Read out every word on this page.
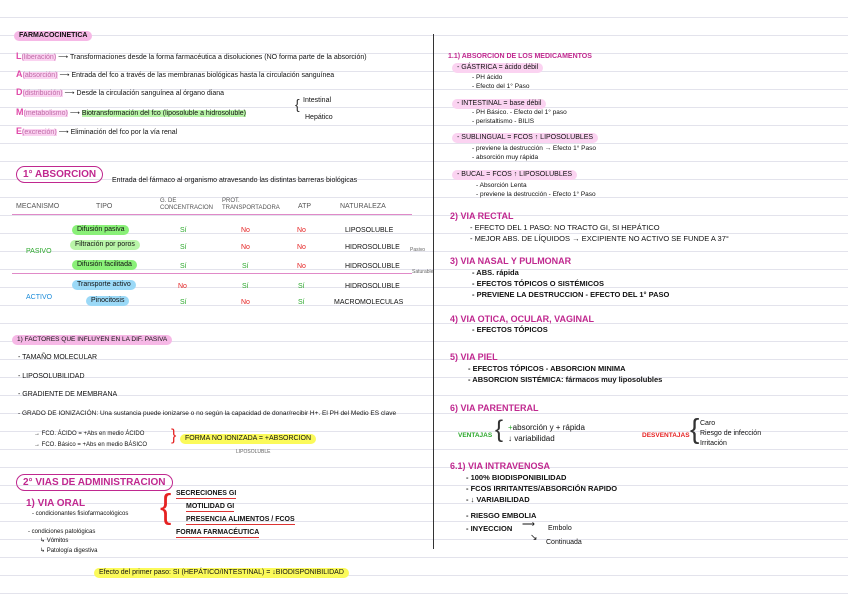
FARMACOCINETICA
L(liberación) ⟶ Transformaciones desde la forma farmacéutica a disoluciones (NO forma parte de la absorción)
A(absorción) ⟶ Entrada del fco a través de las membranas biológicas hasta la circulación sanguínea
D(distribución) ⟶ Desde la circulación sanguínea al órgano diana
M(metabolismo) ⟶ Biotransformación del fco (liposoluble a hidrosoluble)
{ Intestinal
Hepático
E(excreción) ⟶ Eliminación del fco por la vía renal
1° ABSORCION
Entrada del fármaco al organismo atravesando las distintas barreras biológicas
MECANISMO	TIPO
G. DE CONCENTRACION
PROT. TRANSPORTADORA	ATP	NATURALEZA
PASIVO
ACTIVO
Difusión pasiva	Sí	No	No	LIPOSOLUBLE
Filtración por poros	Sí	No	No	HIDROSOLUBLE
Difusión facilitada	Sí	Sí	No	HIDROSOLUBLE
Transporte activo	No	Sí	Sí	HIDROSOLUBLE
Pinocitosis	Sí	No	Sí	MACROMOLECULAS
Pasivo
Saturable
1) FACTORES QUE INFLUYEN EN LA DIF. PASIVA
- TAMAÑO MOLECULAR
- LIPOSOLUBILIDAD
- GRADIENTE DE MEMBRANA
- GRADO DE IONIZACIÓN: Una sustancia puede ionizarse o no según la capacidad de donar/recibir H+. El PH del Medio ES clave
→ FCO. ÁCIDO = +Abs en medio ÁCIDO
→ FCO. Básico = +Abs en medio BÁSICO
}	FORMA NO IONIZADA = +ABSORCION
LIPOSOLUBLE
2° VIAS DE ADMINISTRACION
1) VIA ORAL
- condicionantes fisiofarmacológicos
- condiciones patológicas
↳ Vómitos
↳ Patología digestiva
{ SECRECIONES GI
MOTILIDAD GI
PRESENCIA ALIMENTOS / FCOS
FORMA FARMACÉUTICA
Efecto del primer paso: SI (HEPÁTICO/INTESTINAL) = ↓BIODISPONIBILIDAD
1.1) ABSORCION DE LOS MEDICAMENTOS
- GÁSTRICA = ácido débil
- PH ácido
- Efecto del 1° Paso
- INTESTINAL = base débil
- PH Básico. - Efecto del 1° paso
- peristaltismo - BILIS
- SUBLINGUAL = FCOS ↑ LIPOSOLUBLES
- previene la destrucción → Efecto 1° Paso
- absorción muy rápida
- BUCAL = FCOS ↑ LIPOSOLUBLES
- Absorción Lenta
- previene la destrucción - Efecto 1° Paso
2) VIA RECTAL
- EFECTO DEL 1 PASO: NO TRACTO GI, SI HEPÁTICO
- MEJOR ABS. DE LÍQUIDOS → EXCIPIENTE NO ACTIVO SE FUNDE A 37°
3) VIA NASAL Y PULMONAR
- ABS. rápida
- EFECTOS TÓPICOS O SISTÉMICOS
- PREVIENE LA DESTRUCCION - EFECTO DEL 1° PASO
4) VIA OTICA, OCULAR, VAGINAL
- EFECTOS TÓPICOS
5) VIA PIEL
- EFECTOS TÓPICOS - ABSORCION MINIMA
- ABSORCION SISTÉMICA: fármacos muy liposolubles
6) VIA PARENTERAL
VENTAJAS { +absorción y + rápida
↓ variabilidad	DESVENTAJAS { Caro
Riesgo de infección
Irritación
6.1) VIA INTRAVENOSA
- 100% BIODISPONIBILIDAD
- FCOS IRRITANTES/ABSORCIÓN RAPIDO
- ↓ VARIABILIDAD
- RIESGO EMBOLIA
- INYECCION ⟶ Embolo
↘
Continuada
